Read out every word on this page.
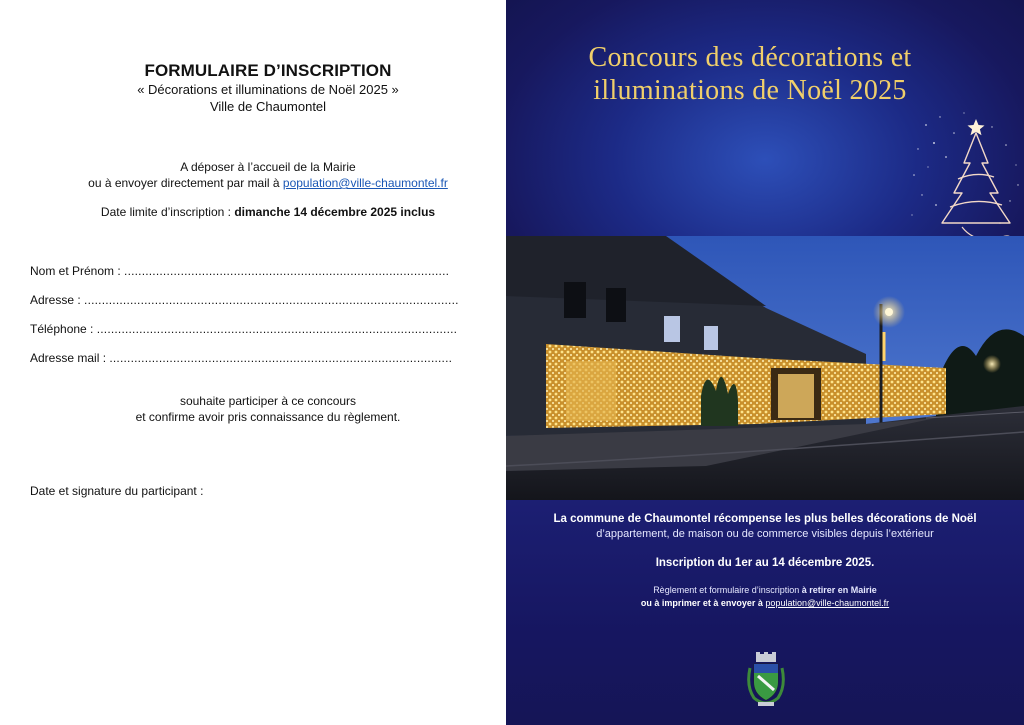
FORMULAIRE D’INSCRIPTION
« Décorations et illuminations de Noël 2025 »
Ville de Chaumontel
A déposer à l’accueil de la Mairie
ou à envoyer directement par mail à population@ville-chaumontel.fr
Date limite d’inscription : dimanche 14 décembre 2025 inclus
Nom et Prénom : ............................................................................................
Adresse : ..........................................................................................................
Téléphone : ......................................................................................................
Adresse mail : .................................................................................................
souhaite participer à ce concours
et confirme avoir pris connaissance du règlement.
Date et signature du participant :
Concours des décorations et
illuminations de Noël 2025
La commune de Chaumontel récompense les plus belles décorations de Noël
d’appartement, de maison ou de commerce visibles depuis l’extérieur
Inscription du 1er au 14 décembre 2025.
Règlement et formulaire d’inscription à retirer en Mairie
ou à imprimer et à envoyer à population@ville-chaumontel.fr
